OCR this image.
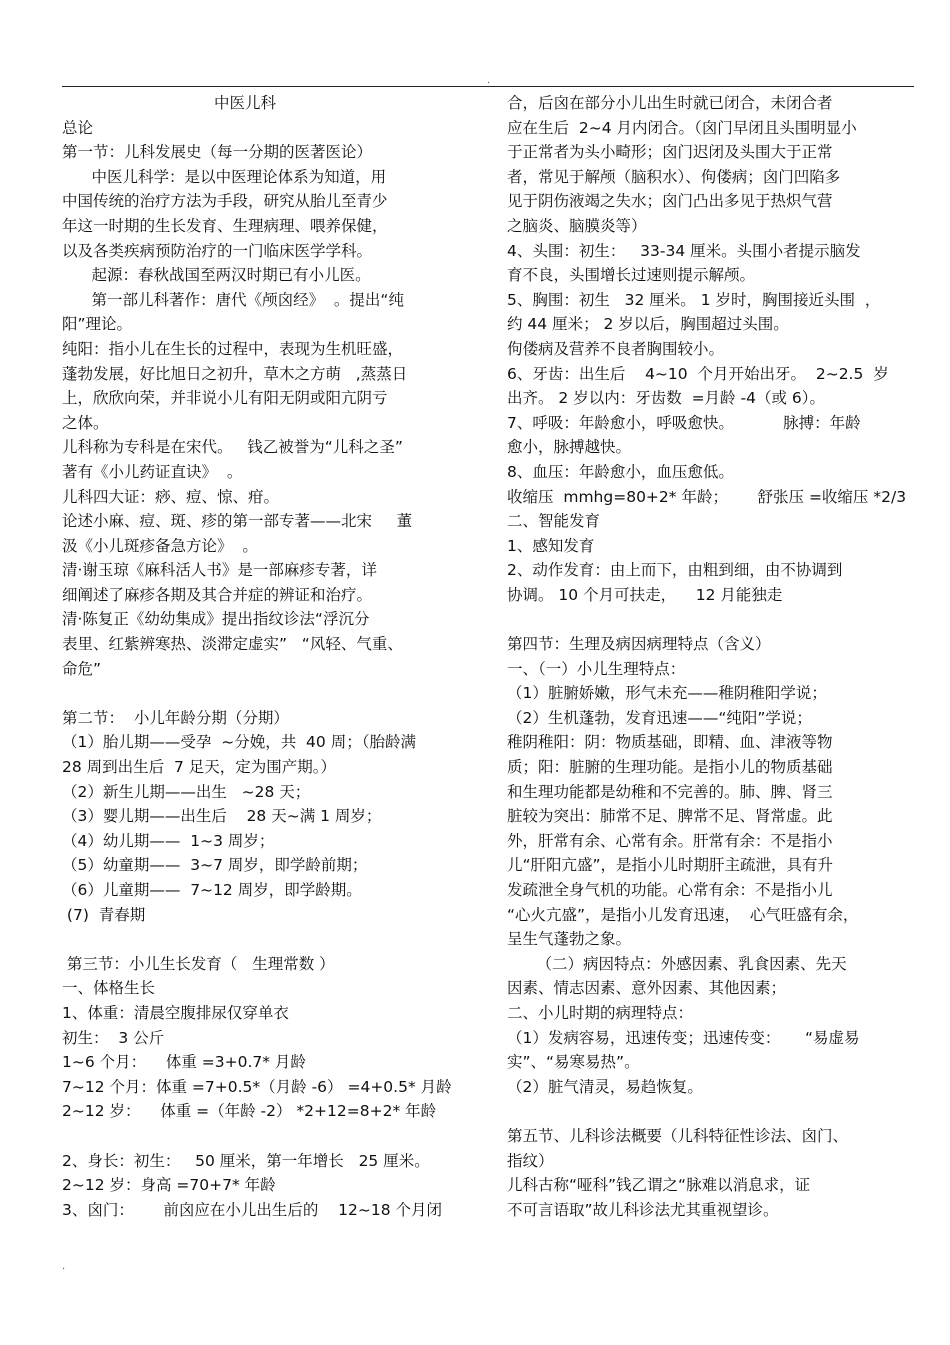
.
中医儿科
总论
第一节：儿科发展史（每一分期的医著医论）
中医儿科学：是以中医理论体系为知道，用
中国传统的治疗方法为手段，研究从胎儿至青少
年这一时期的生长发育、生理病理、喂养保健，
以及各类疾病预防治疗的一门临床医学学科。
起源：春秋战国至两汉时期已有小儿医。
第一部儿科著作：唐代《颅囟经》  。提出“纯
阳”理论。
纯阳：指小儿在生长的过程中，表现为生机旺盛，
蓬勃发展，好比旭日之初升，草木之方萌   ,蒸蒸日
上，欣欣向荣，并非说小儿有阳无阴或阳亢阴亏
之体。
儿科称为专科是在宋代。   钱乙被誉为“儿科之圣”
著有《小儿药证直诀》  。
儿科四大证：痧、痘、惊、疳。
论述小麻、痘、斑、疹的第一部专著——北宋     董
汲《小儿斑疹备急方论》  。
清·谢玉琼《麻科活人书》是一部麻疹专著，详
细阐述了麻疹各期及其合并症的辨证和治疗。
清·陈复正《幼幼集成》提出指纹诊法“浮沉分
表里、红紫辨寒热、淡滞定虚实”   “风轻、气重、
命危”
第二节：  小儿年龄分期（分期）
（1）胎儿期——受孕  ~分娩，共  40 周；（胎龄满
28 周到出生后  7 足天，定为围产期。）
（2）新生儿期——出生   ~28 天；
（3）婴儿期——出生后    28 天~满 1 周岁；
（4）幼儿期——  1~3 周岁；
（5）幼童期——  3~7 周岁，即学龄前期；
（6）儿童期——  7~12 周岁，即学龄期。
(7)  青春期
第三节：小儿生长发育（   生理常数 ）
一、体格生长
1、体重：清晨空腹排尿仅穿单衣
初生：  3 公斤
1~6 个月：    体重 =3+0.7* 月龄
7~12 个月：体重 =7+0.5*（月龄 -6） =4+0.5* 月龄
2~12 岁：    体重 =（年龄 -2） *2+12=8+2* 年龄
2、身长：初生：   50 厘米，第一年增长   25 厘米。
2~12 岁：身高 =70+7* 年龄
3、囟门：      前囟应在小儿出生后的    12~18 个月闭
合，后囟在部分小儿出生时就已闭合，未闭合者
应在生后  2~4 月内闭合。（囟门早闭且头围明显小
于正常者为头小畸形；囟门迟闭及头围大于正常
者，常见于解颅（脑积水）、佝偻病；囟门凹陷多
见于阴伤液竭之失水；囟门凸出多见于热炽气营
之脑炎、脑膜炎等）
4、头围：初生：   33-34 厘米。头围小者提示脑发
育不良，头围增长过速则提示解颅。
5、胸围：初生   32 厘米。 1 岁时，胸围接近头围  ，
约 44 厘米； 2 岁以后，胸围超过头围。
佝偻病及营养不良者胸围较小。
6、牙齿：出生后    4~10  个月开始出牙。  2~2.5  岁
出齐。 2 岁以内：牙齿数  =月龄 -4（或 6）。
7、呼吸：年龄愈小，呼吸愈快。          脉搏：年龄
愈小，脉搏越快。
8、血压：年龄愈小，血压愈低。
收缩压  mmhg=80+2* 年龄；      舒张压 =收缩压 *2/3
二、智能发育
1、感知发育
2、动作发育：由上而下，由粗到细，由不协调到
协调。 10 个月可扶走，    12 月能独走
第四节：生理及病因病理特点（含义）
一、（一）小儿生理特点：
（1）脏腑娇嫩，形气未充——稚阴稚阳学说；
（2）生机蓬勃，发育迅速——“纯阳”学说；
稚阴稚阳：阴：物质基础，即精、血、津液等物
质；阳：脏腑的生理功能。是指小儿的物质基础
和生理功能都是幼稚和不完善的。肺、脾、肾三
脏较为突出：肺常不足、脾常不足、肾常虚。此
外，肝常有余、心常有余。肝常有余：不是指小
儿“肝阳亢盛”，是指小儿时期肝主疏泄，具有升
发疏泄全身气机的功能。心常有余：不是指小儿
“心火亢盛”，是指小儿发育迅速，  心气旺盛有余，
呈生气蓬勃之象。
（二）病因特点：外感因素、乳食因素、先天
因素、情志因素、意外因素、其他因素；
二、小儿时期的病理特点：
（1）发病容易，迅速传变；迅速传变：     “易虚易
实”、“易寒易热”。
（2）脏气清灵，易趋恢复。
第五节、儿科诊法概要（儿科特征性诊法、囟门、
指纹）
儿科古称“哑科”钱乙谓之“脉难以消息求，证
不可言语取”故儿科诊法尤其重视望诊。
.
